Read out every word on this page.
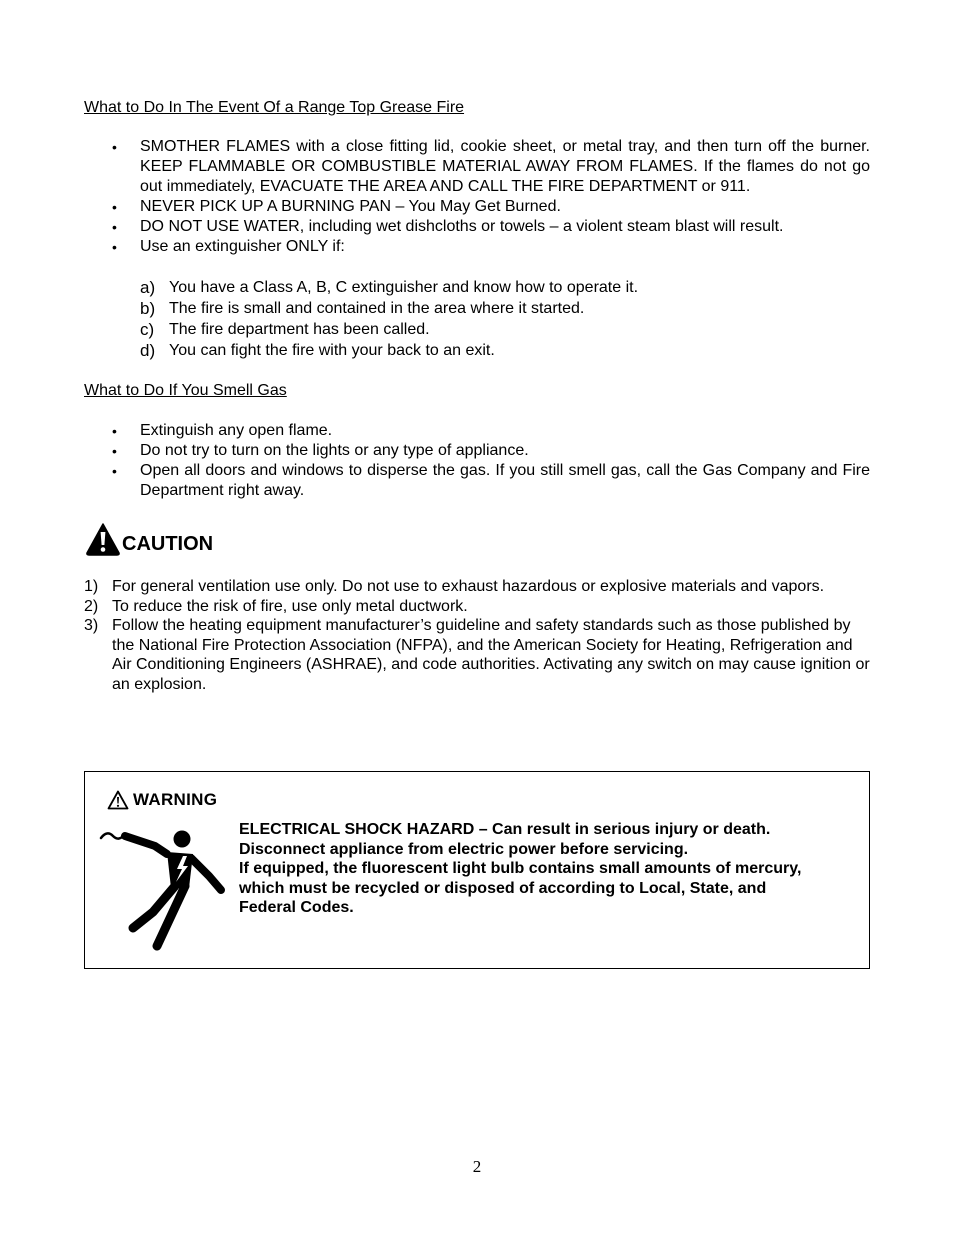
What to Do In The Event Of a Range Top Grease Fire
• SMOTHER FLAMES with a close fitting lid, cookie sheet, or metal tray, and then turn off the burner. KEEP FLAMMABLE OR COMBUSTIBLE MATERIAL AWAY FROM FLAMES. If the flames do not go out immediately, EVACUATE THE AREA AND CALL THE FIRE DEPARTMENT or 911.
• NEVER PICK UP A BURNING PAN – You May Get Burned.
• DO NOT USE WATER, including wet dishcloths or towels – a violent steam blast will result.
• Use an extinguisher ONLY if:
a) You have a Class A, B, C extinguisher and know how to operate it.
b) The fire is small and contained in the area where it started.
c) The fire department has been called.
d) You can fight the fire with your back to an exit.
What to Do If You Smell Gas
• Extinguish any open flame.
• Do not try to turn on the lights or any type of appliance.
• Open all doors and windows to disperse the gas. If you still smell gas, call the Gas Company and Fire Department right away.
CAUTION
1) For general ventilation use only. Do not use to exhaust hazardous or explosive materials and vapors.
2) To reduce the risk of fire, use only metal ductwork.
3) Follow the heating equipment manufacturer’s guideline and safety standards such as those published by the National Fire Protection Association (NFPA), and the American Society for Heating, Refrigeration and Air Conditioning Engineers (ASHRAE), and code authorities. Activating any switch on may cause ignition or an explosion.
WARNING
ELECTRICAL SHOCK HAZARD – Can result in serious injury or death.
Disconnect appliance from electric power before servicing.
If equipped, the fluorescent light bulb contains small amounts of mercury,
which must be recycled or disposed of according to Local, State, and
Federal Codes.
2
